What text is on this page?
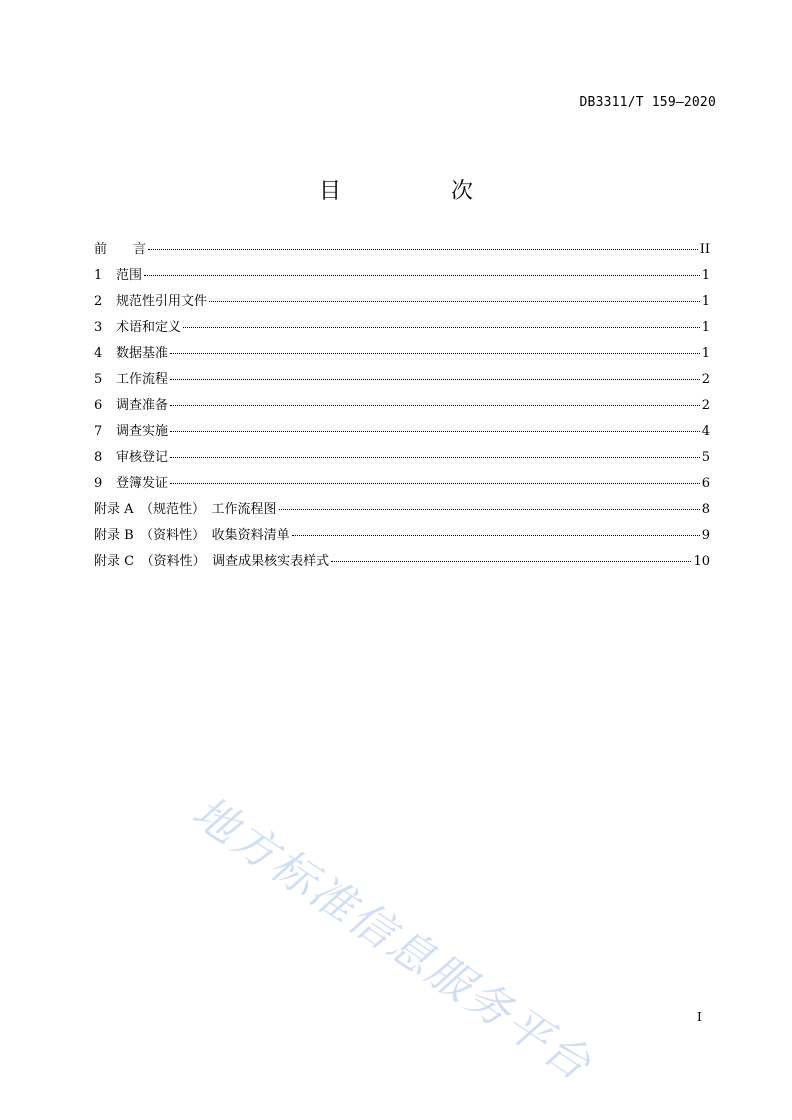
DB3311/T 159—2020
目　次
前　　言	II
1	范围	1
2	规范性引用文件	1
3	术语和定义	1
4	数据基准	1
5	工作流程	2
6	调查准备	2
7	调查实施	4
8	审核登记	5
9	登簿发证	6
附录 A　（规范性）　工作流程图	8
附录 B　（资料性）　收集资料清单	9
附录 C　（资料性）　调查成果核实表样式	10
地方标准信息服务平台	I
